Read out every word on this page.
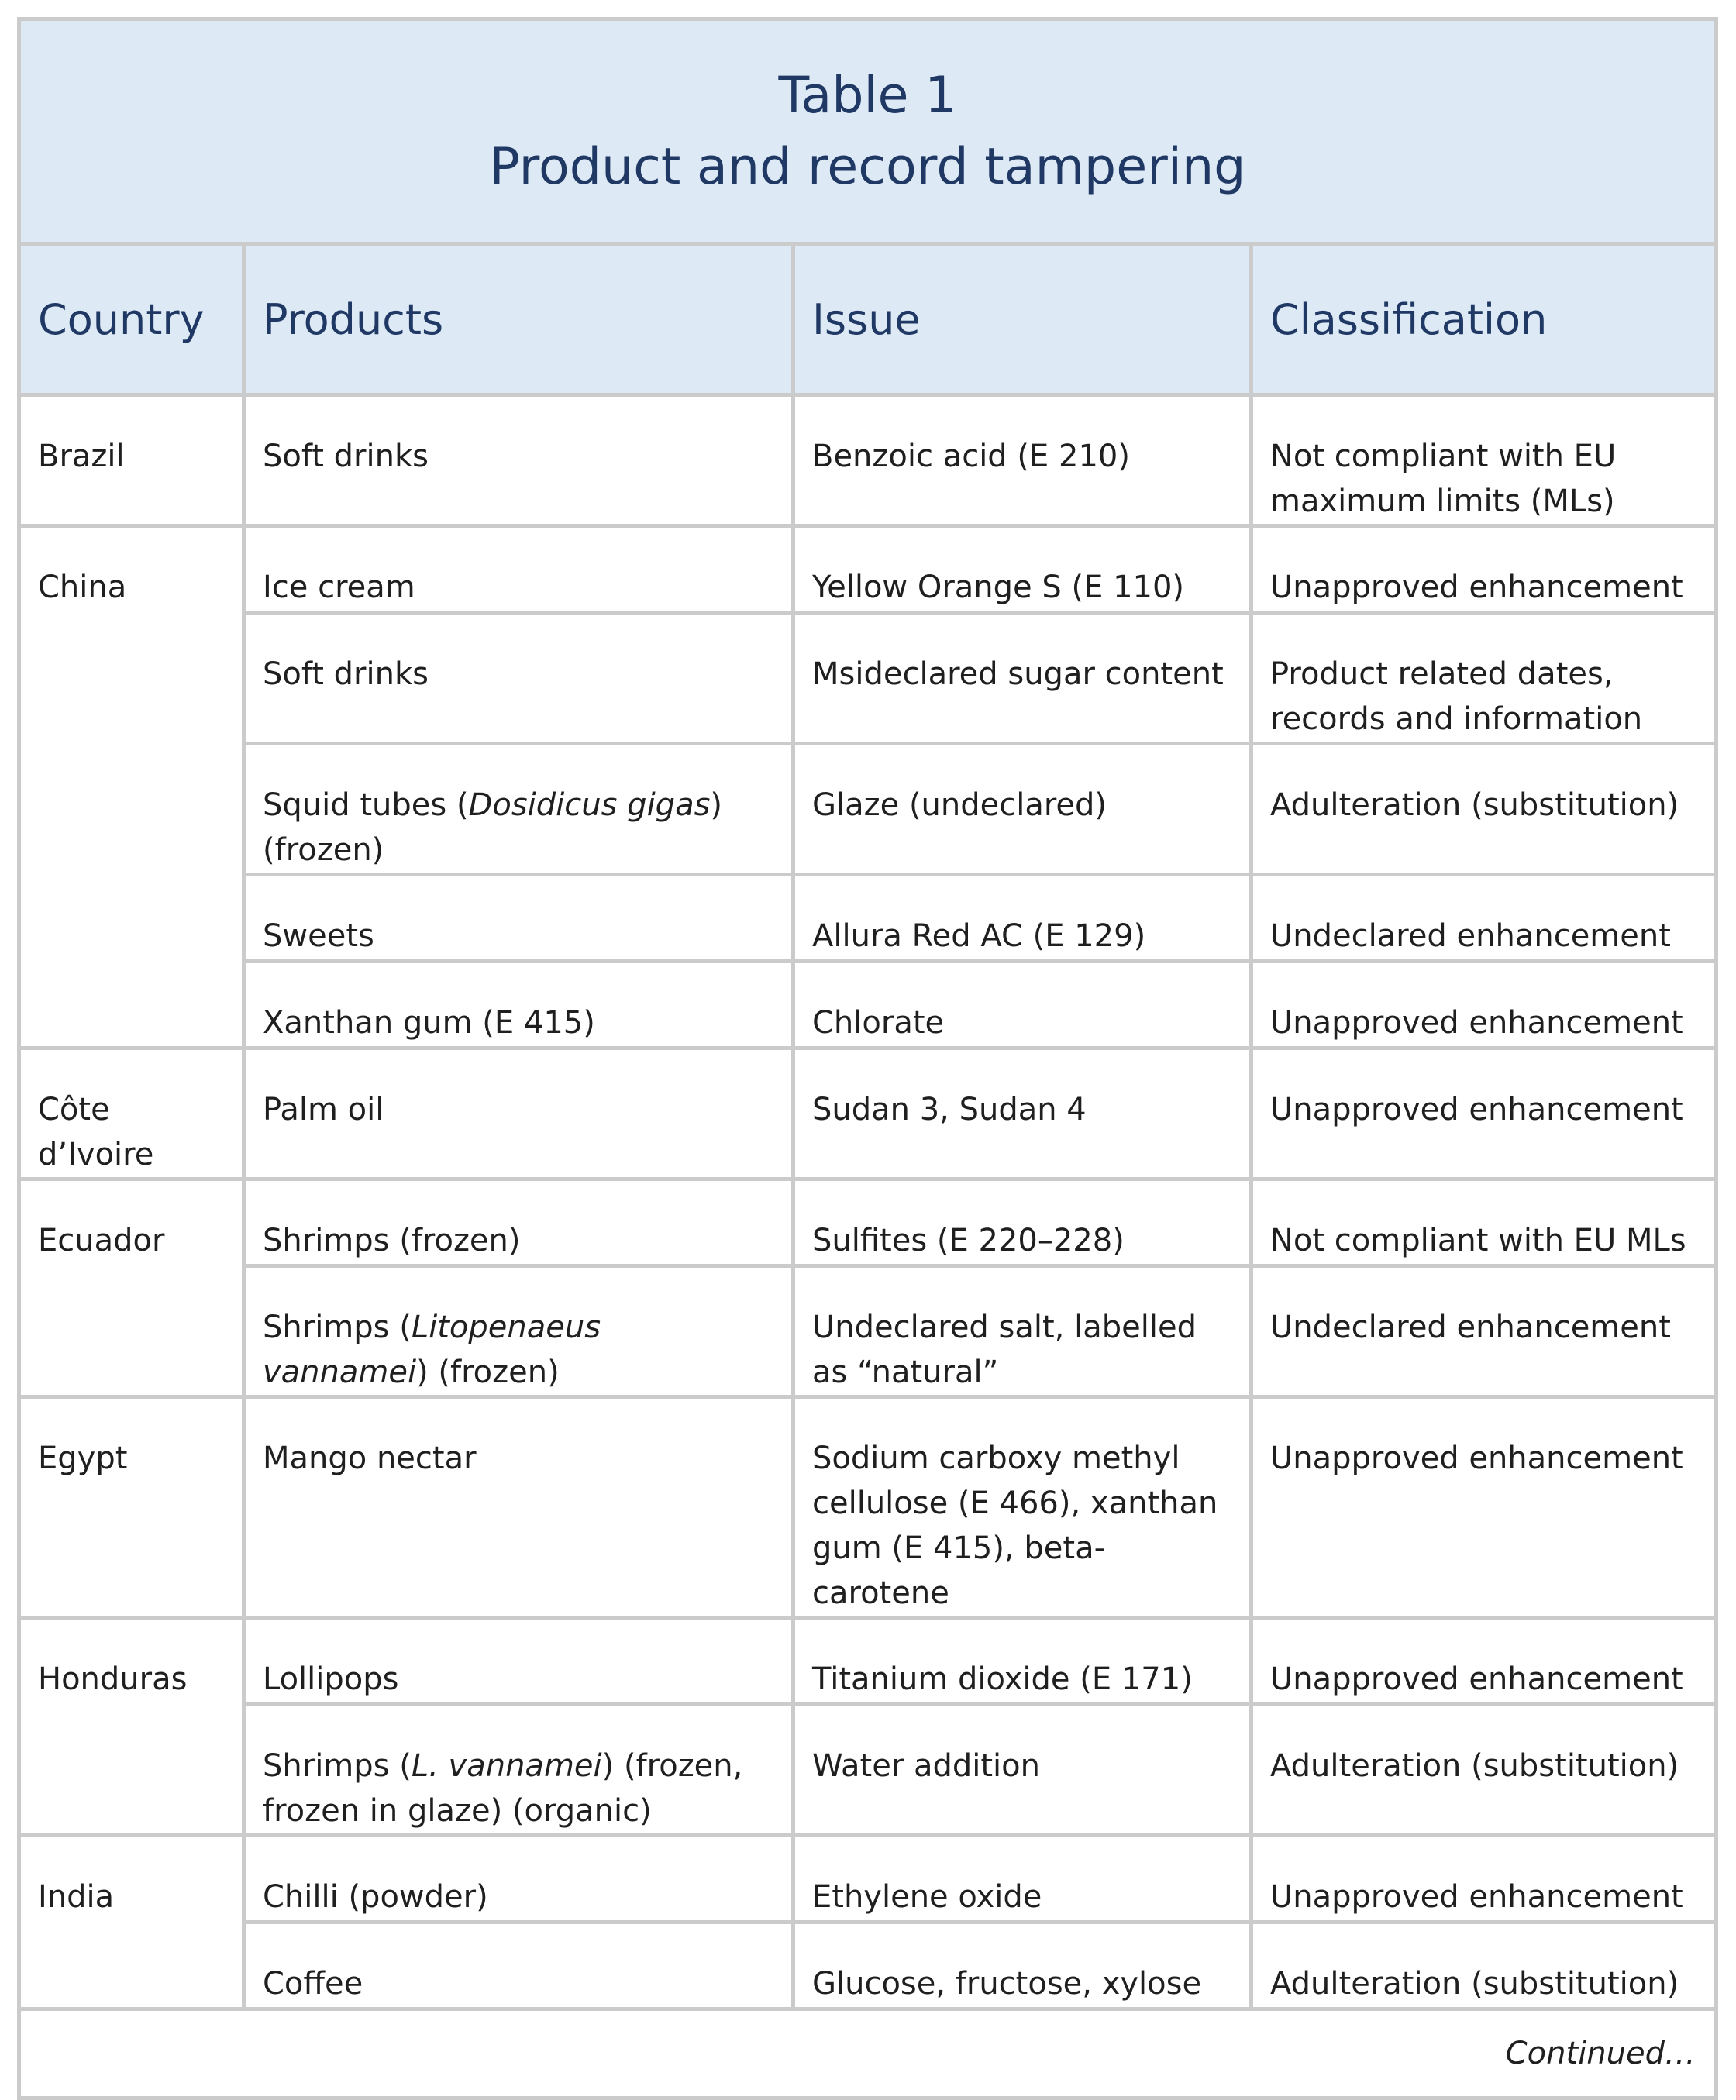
Table 1
Product and record tampering			

Country	Products	Issue	Classification
Brazil	Soft drinks	Benzoic acid (E 210)	Not compliant with EU maximum limits (MLs)
China	Ice cream	Yellow Orange S (E 110)	Unapproved enhancement
	Soft drinks	Msideclared sugar content	Product related dates, records and information
	Squid tubes (Dosidicus gigas) (frozen)	Glaze (undeclared)	Adulteration (substitution)
	Sweets	Allura Red AC (E 129)	Undeclared enhancement
	Xanthan gum (E 415)	Chlorate	Unapproved enhancement
Côte d’Ivoire	Palm oil	Sudan 3, Sudan 4	Unapproved enhancement
Ecuador	Shrimps (frozen)	Sulfites (E 220–228)	Not compliant with EU MLs
	Shrimps (Litopenaeus vannamei) (frozen)	Undeclared salt, labelled as “natural”	Undeclared enhancement
Egypt	Mango nectar	Sodium carboxy methyl cellulose (E 466), xanthan gum (E 415), beta-carotene	Unapproved enhancement
Honduras	Lollipops	Titanium dioxide (E 171)	Unapproved enhancement
	Shrimps (L. vannamei) (frozen, frozen in glaze) (organic)	Water addition	Adulteration (substitution)
India	Chilli (powder)	Ethylene oxide	Unapproved enhancement
	Coffee	Glucose, fructose, xylose	Adulteration (substitution)
Continued…			
